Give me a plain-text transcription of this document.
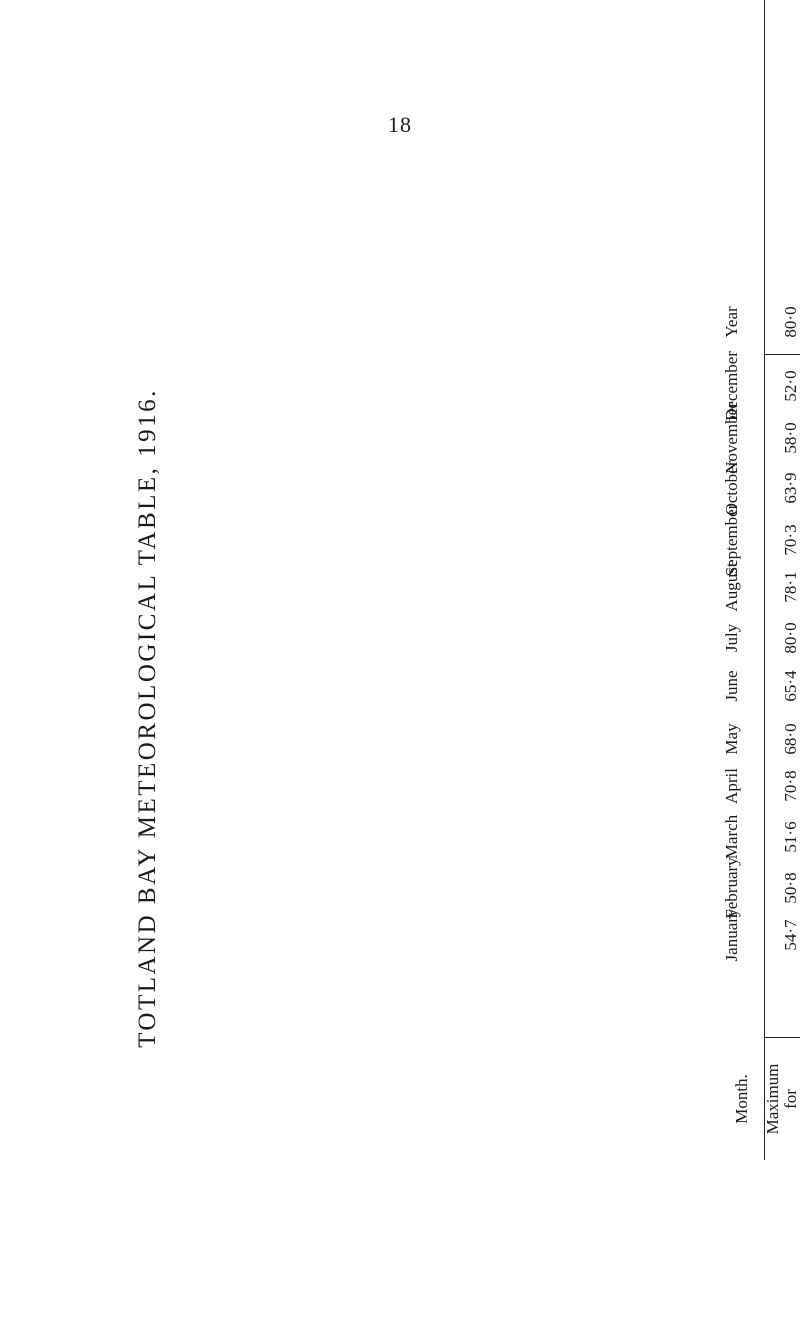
18
TOTLAND BAY METEOROLOGICAL TABLE, 1916.
Month. Maximum for
January 54·7
February 50·8
March 51·6
April 70·8
May 68·0
June 65·4
July 80·0
August 78·1
September 70·3
October 63·9
November 58·0
December 52·0
Year 80·0
